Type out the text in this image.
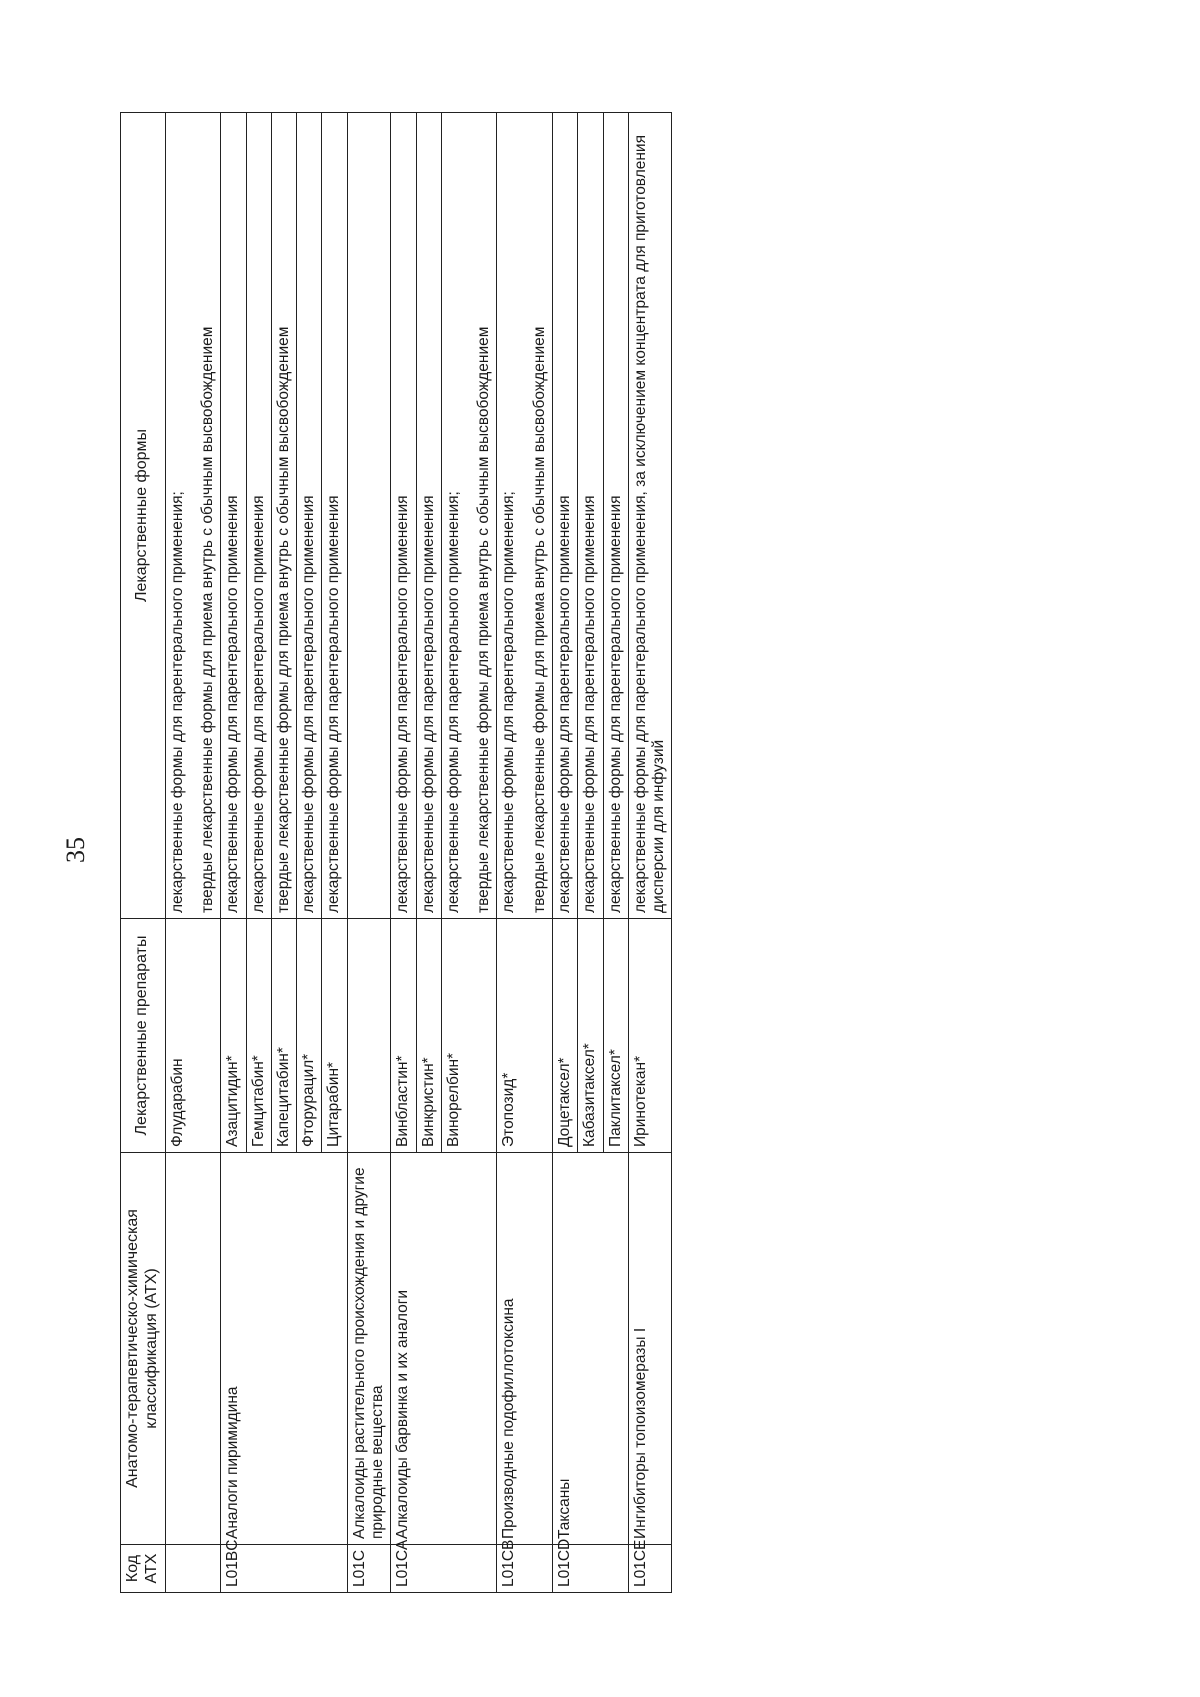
35
Код АТХ	Анатомо-терапевтическо-химическая классификация (АТХ)	Лекарственные препараты	Лекарственные формы
		Флударабин	лекарственные формы для парентерального применения; твердые лекарственные формы для приема внутрь с обычным высвобождением

L01BC	Аналоги пиримидина	Азацитидин*	лекарственные формы для парентерального применения

		Гемцитабин*	лекарственные формы для парентерального применения

		Капецитабин*	твердые лекарственные формы для приема внутрь с обычным высвобождением

		Фторурацил*	лекарственные формы для парентерального применения

		Цитарабин*	лекарственные формы для парентерального применения

L01C	Алкалоиды растительного происхождения и другие природные вещества		
L01CA	Алкалоиды барвинка и их аналоги	Винбластин*	лекарственные формы для парентерального применения

		Винкристин*	лекарственные формы для парентерального применения

		Винорелбин*	лекарственные формы для парентерального применения; твердые лекарственные формы для приема внутрь с обычным высвобождением

L01CB	Производные подофиллотоксина	Этопозид*	лекарственные формы для парентерального применения; твердые лекарственные формы для приема внутрь с обычным высвобождением

L01CD	Таксаны	Доцетаксел*	лекарственные формы для парентерального применения

		Кабазитаксел*	лекарственные формы для парентерального применения

		Паклитаксел*	лекарственные формы для парентерального применения

L01CE	Ингибиторы топоизомеразы I	Иринотекан*	лекарственные формы для парентерального применения, за исключением концентрата для приготовления дисперсии для инфузий
